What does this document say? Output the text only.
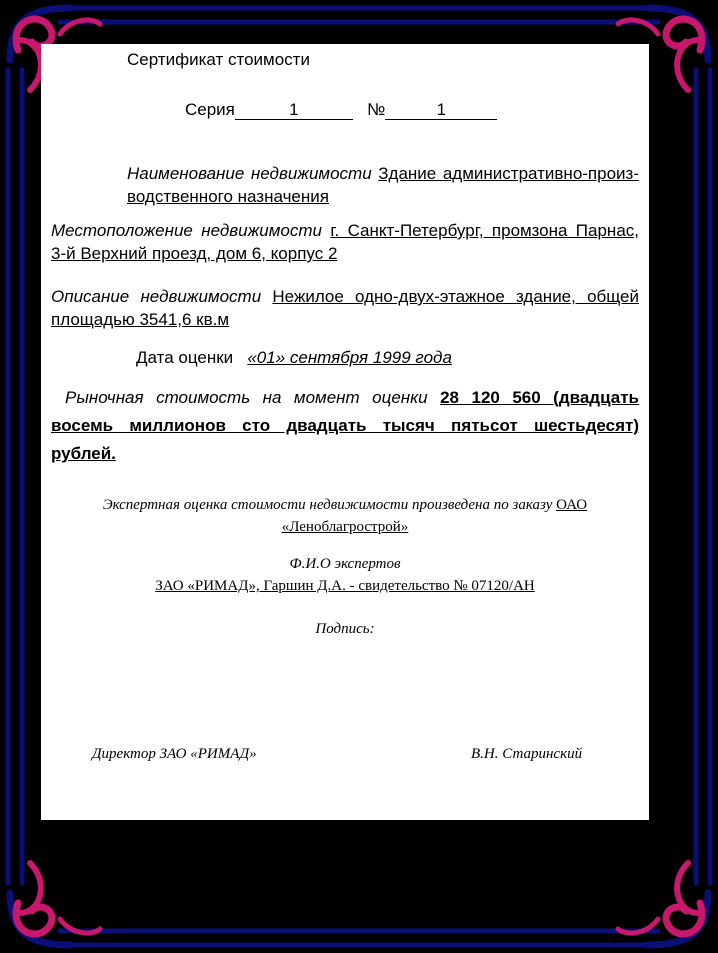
Сертификат стоимости
Серия	1	№	1
Наименование недвижимости Здание административно-произ-водственного назначения
Местоположение недвижимости г. Санкт-Петербург, промзона Парнас, 3-й Верхний проезд, дом 6, корпус 2
Описание недвижимости Нежилое одно-двух-этажное здание, общей площадью 3541,6 кв.м
Дата оценки «01» сентября 1999 года
Рыночная стоимость на момент оценки 28 120 560 (двадцать восемь миллионов сто двадцать тысяч пятьсот шестьдесят) рублей.
Экспертная оценка стоимости недвижимости произведена по заказу ОАО «Леноблагрострой»
Ф.И.О экспертов
ЗАО «РИМАД», Гаршин Д.А. - свидетельство № 07120/АН
Подпись:
Директор ЗАО «РИМАД»	В.Н. Старинский
